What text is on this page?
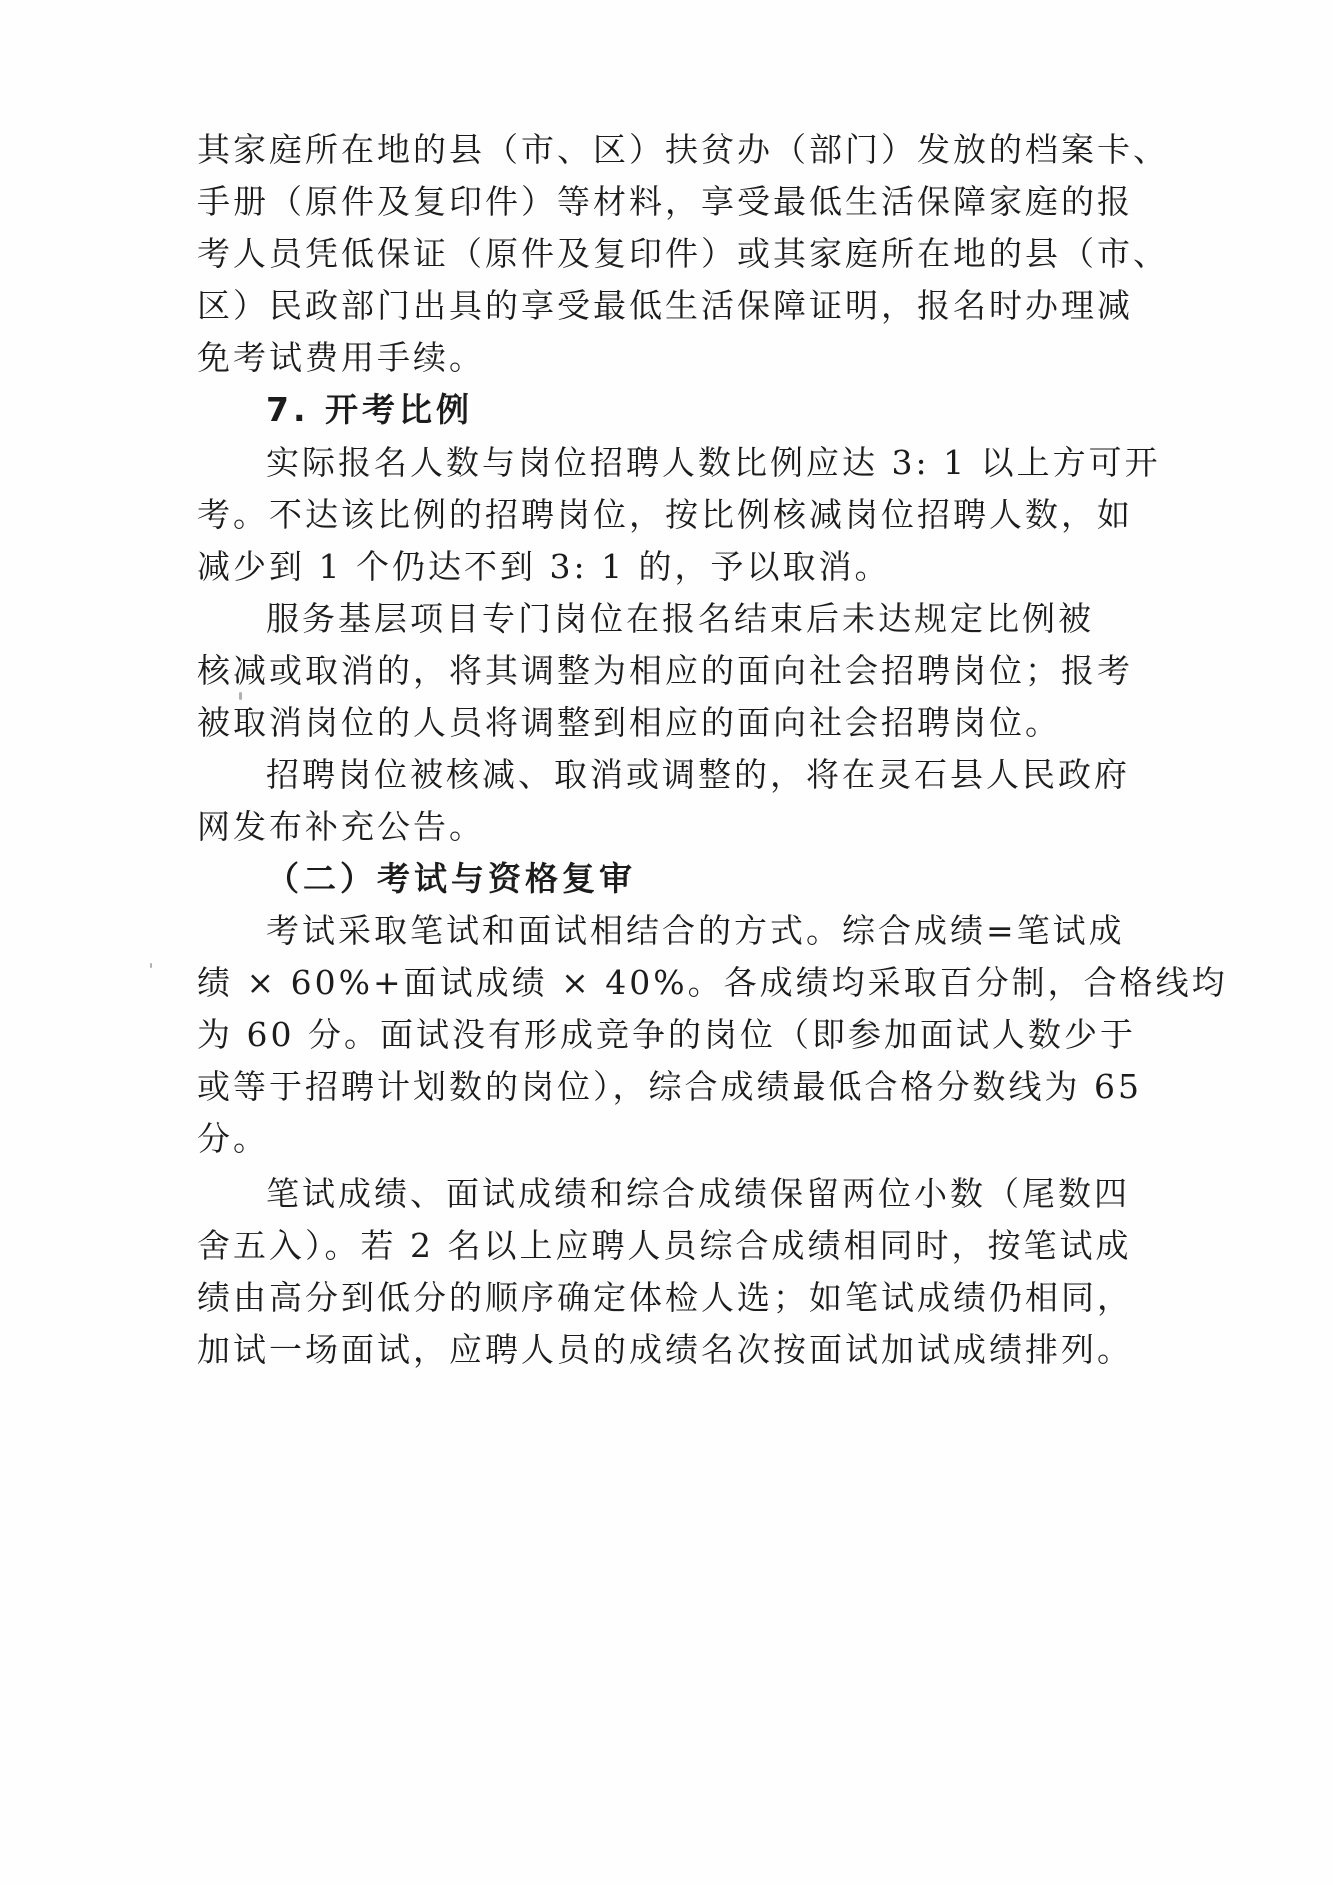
其家庭所在地的县（市、区）扶贫办（部门）发放的档案卡、
手册（原件及复印件）等材料，享受最低生活保障家庭的报
考人员凭低保证（原件及复印件）或其家庭所在地的县（市、
区）民政部门出具的享受最低生活保障证明，报名时办理减
免考试费用手续。
7. 开考比例
实际报名人数与岗位招聘人数比例应达 3: 1 以上方可开
考。不达该比例的招聘岗位，按比例核减岗位招聘人数，如
减少到 1 个仍达不到 3: 1 的，予以取消。
服务基层项目专门岗位在报名结束后未达规定比例被
核减或取消的，将其调整为相应的面向社会招聘岗位；报考
被取消岗位的人员将调整到相应的面向社会招聘岗位。
招聘岗位被核减、取消或调整的，将在灵石县人民政府
网发布补充公告。
（二）考试与资格复审
考试采取笔试和面试相结合的方式。综合成绩=笔试成
绩 × 60%+面试成绩 × 40%。各成绩均采取百分制，合格线均
为 60 分。面试没有形成竞争的岗位（即参加面试人数少于
或等于招聘计划数的岗位），综合成绩最低合格分数线为 65
分。
笔试成绩、面试成绩和综合成绩保留两位小数（尾数四
舍五入）。若 2 名以上应聘人员综合成绩相同时，按笔试成
绩由高分到低分的顺序确定体检人选；如笔试成绩仍相同，
加试一场面试，应聘人员的成绩名次按面试加试成绩排列。
